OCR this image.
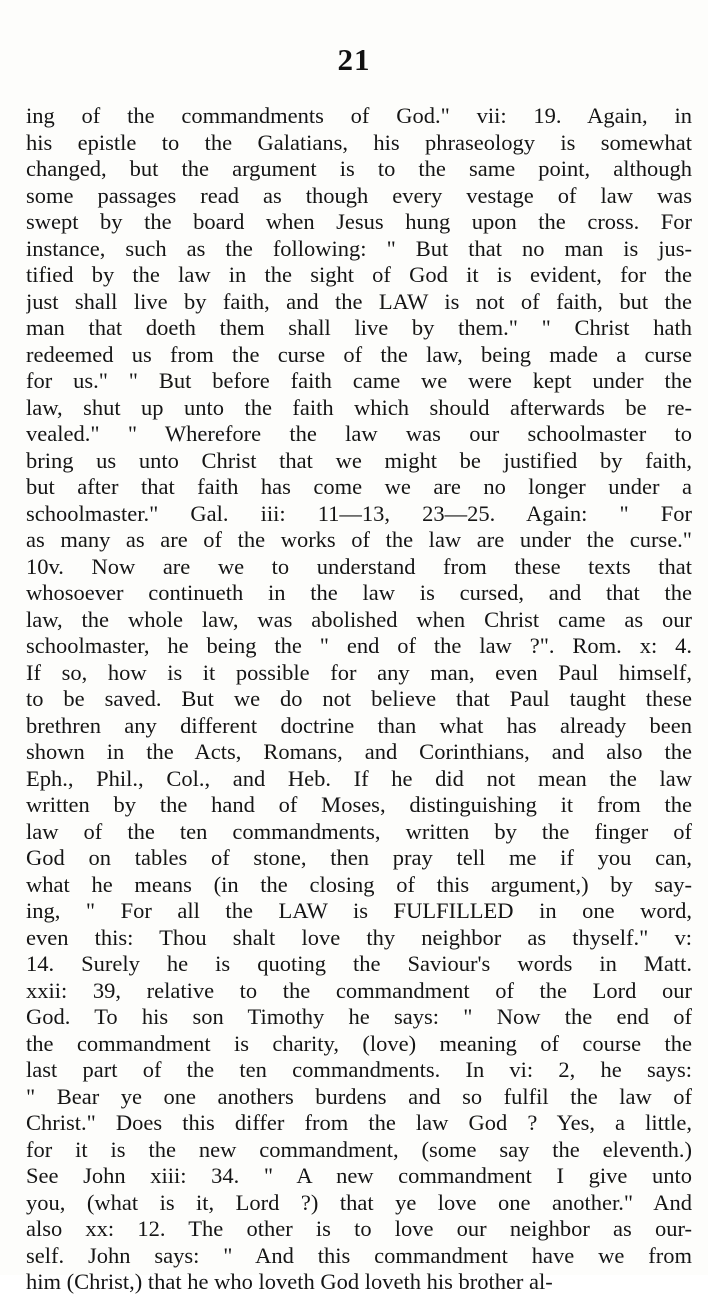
21
ing of the commandments of God." vii: 19. Again, in
his epistle to the Galatians, his phraseology is somewhat
changed, but the argument is to the same point, although
some passages read as though every vestage of law was
swept by the board when Jesus hung upon the cross. For
instance, such as the following: " But that no man is jus-
tified by the law in the sight of God it is evident, for the
just shall live by faith, and the LAW is not of faith, but the
man that doeth them shall live by them." " Christ hath
redeemed us from the curse of the law, being made a curse
for us." " But before faith came we were kept under the
law, shut up unto the faith which should afterwards be re-
vealed." " Wherefore the law was our schoolmaster to
bring us unto Christ that we might be justified by faith,
but after that faith has come we are no longer under a
schoolmaster." Gal. iii: 11—13, 23—25. Again: " For
as many as are of the works of the law are under the curse."
10v. Now are we to understand from these texts that
whosoever continueth in the law is cursed, and that the
law, the whole law, was abolished when Christ came as our
schoolmaster, he being the " end of the law ?". Rom. x: 4.
If so, how is it possible for any man, even Paul himself,
to be saved. But we do not believe that Paul taught these
brethren any different doctrine than what has already been
shown in the Acts, Romans, and Corinthians, and also the
Eph., Phil., Col., and Heb. If he did not mean the law
written by the hand of Moses, distinguishing it from the
law of the ten commandments, written by the finger of
God on tables of stone, then pray tell me if you can,
what he means (in the closing of this argument,) by say-
ing, " For all the LAW is FULFILLED in one word,
even this: Thou shalt love thy neighbor as thyself." v:
14. Surely he is quoting the Saviour's words in Matt.
xxii: 39, relative to the commandment of the Lord our
God. To his son Timothy he says: " Now the end of
the commandment is charity, (love) meaning of course the
last part of the ten commandments. In vi: 2, he says:
" Bear ye one anothers burdens and so fulfil the law of
Christ." Does this differ from the law God ? Yes, a little,
for it is the new commandment, (some say the eleventh.)
See John xiii: 34. " A new commandment I give unto
you, (what is it, Lord ?) that ye love one another." And
also xx: 12. The other is to love our neighbor as our-
self. John says: " And this commandment have we from
him (Christ,) that he who loveth God loveth his brother al-
